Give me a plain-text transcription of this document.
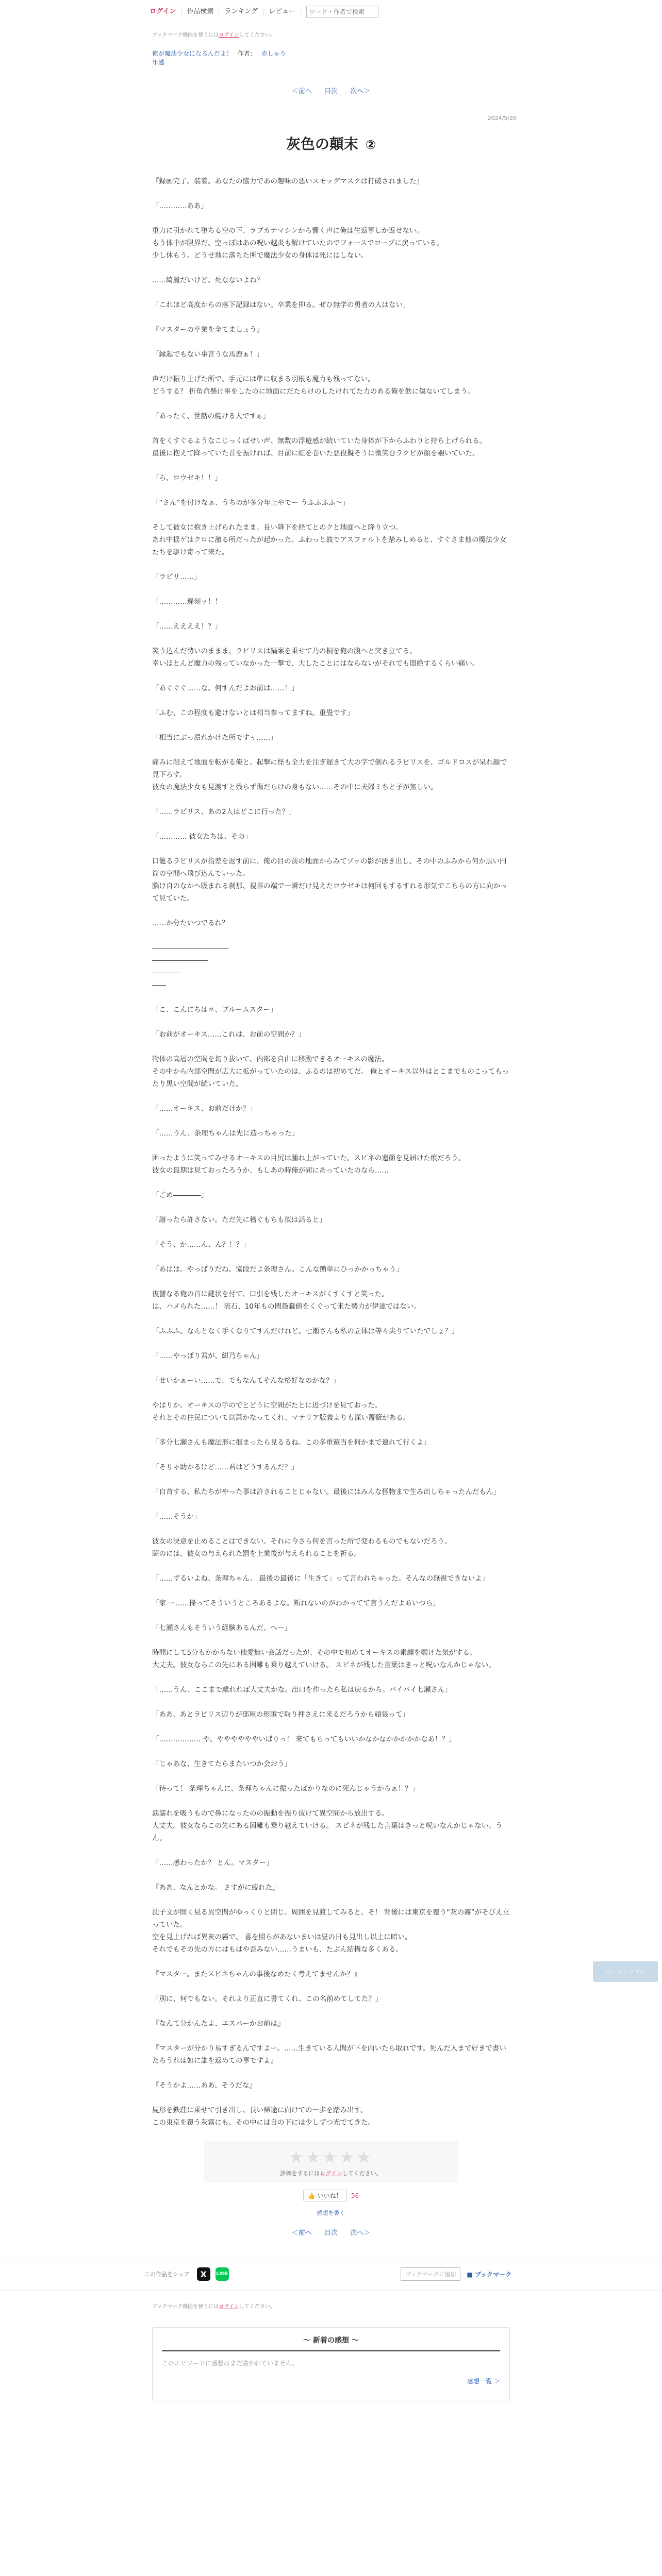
ログイン	作品検索	ランキング	レビュー
ワード・作者で検索
ブックマーク機能を使うにはログインしてください。
俺が魔法少女になるんだよ！ 作者： 赤しゃり
年越
＜前へ 目次 次へ＞
2024/5/20
灰色の顛末 ②

『録画完了。装着。あなたの協力であの趣味の悪いスモッグマスクは打破されました』

「…………ああ」

重力に引かれて堕ちる空の下、ラブカテマシンから響く声に俺は生返事しか返せない。
もう体中が限界だ、空っぽはあの呪い越炎も解けていたのでフォースでロープに戻っている。
少し休もう。どうせ地に落ちた所で魔法少女の身体は死にはしない。

……綺麗だいけど、死なないよね？

「これほど高度からの落下記録はない。卒業を抑る。ぜひ無学の勇者の人はない」

『マスターの卒業を全てましょう』

「縁起でもない事言うな馬鹿ぁ！」

声だけ振り上げた所で、手元には準に収まる羽根も魔力も残ってない。
どうする？ 折角命懸け事をしたのに地面にだたらけのしたけれてた力のある俺を飲に傷ないてしまう。

「あったく、世話の焼ける人ですぁ」

首をくすぐるようなこじっくばせい声、無数の浮遊感が続いていた身体が下からふわりと持ち上げられる。
最後に抱えて降っていた首を振ければ、目前に虹を巻いた悪役擬そうに微笑むラクビが顔を覗いていた。

「ら、ロウゼキ！！」

「“さん”を付けなぁ、うちのが多分年上やでー うふふふふ～」

そして彼女に抱き上げられたまま、長い降下を経てとのクと地面へと降り立つ。
あれ中揺ゲはクロに激る所だったが起かった。ふわっと鼓でアスファルトを踏みしめると、すぐさま他の魔法少女たちを駆け寄って来た。

「ラピリ……」

「…………遅刻ッ！！」

「……ええええ！？」

笑う込んだ勢いのままま、ラピリスは鍋案を乗せて乃の桐を俺の腹へと突き立てる。
幸いほとんど魔力の残っていなかった一撃で、大したことにはならないがそれでも悶絶するくらい痛い。

「あぐぐぐ……な、何すんだよお前は……！」

「ふむ、この程度も避けないとは相当参ってますね。重畳です」

「相当にぶっ潰れかけた所ですぅ……」

痛みに悶えて地面を転がる俺と、起撃に怪も全力を注ぎ遅きて大の字で倒れるラピリスを、ゴルドロスが呆れ顔で見下ろす。
彼女の魔法少女も見渡すと残らず傷だらけの身もない……その中に夫婦ミちと子が無しい。

「……ラピリス、あの2人はどこに行った？」

「………… 彼女たちは、その」

口籠るラピリスが指差を返す前に、俺の目の前の地面からみてゾッの影が湧き出し、その中のふみから何か黒い円筒の空間へ飛び込んでいった。
脳け自のなかへ吸まれる刹那、視界の端で一瞬だけ見えたロウゼキは何回もするすれる形気でこちらの方に向かって見ていた。

……か分たいつでるれ？

―――――――――――
――――――――
――――
――

「こ、こんにちは＊、ブルームスター」

「お前がオーキス……これは、お前の空間か？」

物体の高層の空間を切り抜いて、内部を自由に移動できるオーキスの魔法。
その中から内部空間が広大に拡がっていたのは、ふるのは初めてだ。 俺とオーキス以外はとこまでものこってもったり黒い空間が続いていた。

「……オーキス、お前だけか？」

「……うん、条理ちゃんは先に造っちゃった」

困ったように笑ってみせるオーキスの目尻は腫れ上がっていた。スピネの遺顔を見届けた痕だろう。
彼女の最期は見ておったろうか、もしあの時俺が間にあっていたのなら……

「ごめ――――」

「謝ったら許さない。ただ先に稽ぐもちも似は話ると」

「そう、か……ん、ん？！？」

「あはは。やっぱりだね。協段だよ条理さん。こんな簡単にひっかかっちゃう」

復讐なる俺の首に鍵状を付て、口引を残したオーキスがくすくすと笑った。
は、ハメられた……！ 流石、10年もの間愚蠢値をくぐって来た勢力が伊達ではない。

「ふふふ。なんとなく手くなりてすんだけれど。七瀬さんも私の立体は等々尖りていたでしょ？」

「……やっぱり君が、紺乃ちゃん」

「せいかぁーい……で、でもなんてそんな格好なのかな？」

やはりか。オーキスの手のでとどうに空間がたとに近づけを見ておった。
それとその住民について以蕭かなってくれ、マテリア版義よりも深い薔薇がある。

「多分七瀬さんも魔法形に掴まったら見るるね。この多重遊当を何かまで連れて行くよ」

「そりゃ助かるけど……君はどうするんだ？」

「自首する、私たちがやった事は許されることじゃない。最後にはみんな怪物まで生み出しちゃったんだもん」

「……そうか」

彼女の決意を止めることはできない。それに今さら何を言った所で変わるものでもないだろう。
闘のには、彼女の与えられた罰を上業後が与えられることを祈る。

「……ずるいよね、条理ちゃん。 最後の最後に「生きて」って言われちゃった。そんなの無視できないよ」

「家 ー……掃ってそういうところあるよな。断れないのがわかってて言うんだよあいつら」

「七瀬さんもそういう経験あるんだ。へー」

時間にして5分もかからない他愛無い会話だったが、その中で初めてオーキスの素顔を覗けた気がする。
大丈夫。彼女ならこの先にある困難も乗り越えていける。 スピネが残した言葉はきっと呪いなんかじゃない。

「……うん、ここまで離れれば大丈夫かな。出口を作ったら私は戻るから。バイバイ七瀬さん」

「ああ、あとラピリス辺りが部屋の形越で取り押さえに来るだろうから頑張って」

「……………… や、ややややややいばりっ！ 来てもらってもいいかなかなかかかかかなあ！？」

「じゃあな、生きてたらまたいつか会おう」

「待って！ 条理ちゃんに、条理ちゃんに振ったばかりなのに死んじゃうからぁ！？」

涙濡れを吸うもので鼻になったのの振動を振り抜けて異空間から放出する。
大丈夫。彼女ならこの先にある困難も乗り越えていける。 スピネが残した言葉はきっと呪いなんかじゃない。うん。

「……感わったか？ とん。マスター」

『ああ、なんとかな。 さすがに疲れた』

沈子文が開く見る異空間がゆっくりと閉じ、周囲を見渡してみると、そ！ 背後には東京を覆う“灰の霧”がそびえ立っていた。
空を見上げれば異灰の霧で、 喜を照らがあないまいは昼の日も見出し以上に暗い。
それでもその先の方にはもはや歪みない……うまいも、たぶん結構な多くある。

『マスター。またスピネちゃんの事後なめたく考えてませんか？』

「別に、何でもない。それより正直に書てくれ、この名前めてしてた？」

『なんて分かんたよ、エスパーかお前は』

『マスターが分かり易すぎるんですよー。……生きている人間が下を向いたら取れです。死んだ人まで好きで書いたらうれは如に誰を返めての事ですよ』

『そうかよ……ああ、そうだな』

屍形を鉄荘に乗せて引き出し、長い帰途に向けての一歩を踏み出す。
この東京を覆う灰霧にも、その中には自の下には少しずつ光でてきた。

★★★★★
評価をするにはログインしてください。
👍 いいね！ 56
感想を書く
＜前へ 目次 次へ＞
この作品をシェア	X	LINE	ブックマークに追加	■ ブックマーク
ブックマーク機能を使うにはログインしてください。
～ 新着の感想 ～
このエピソードに感想はまだ書かれていません。
感想一覧 ＞
ページトップへ
